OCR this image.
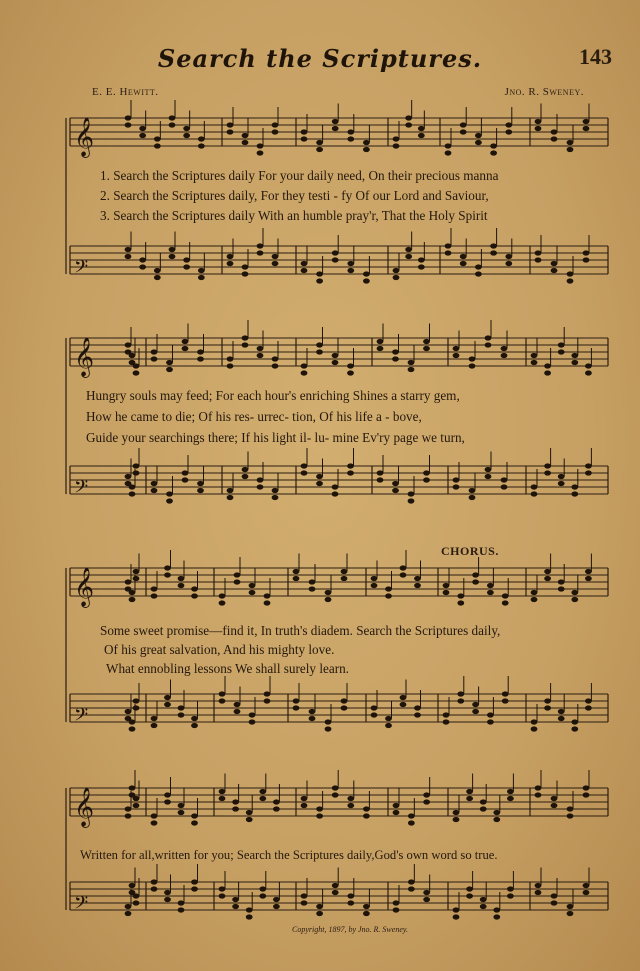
𝄞
𝄢
𝄞
𝄢
𝄞
𝄢
𝄞
𝄢
Search the Scriptures.	143
E. E. Hewitt.	Jno. R. Sweney.
1. Search the Scriptures daily For your daily need, On their precious manna
2. Search the Scriptures daily, For they testi - fy Of our Lord and Saviour,
3. Search the Scriptures daily With an humble pray'r, That the Holy Spirit
Hungry souls may feed; For each hour's enriching Shines a starry gem,
How he came to die; Of his res- urrec- tion, Of his life a - bove,
Guide your searchings there; If his light il- lu- mine Ev'ry page we turn,
CHORUS.
Some sweet promise—find it, In truth's diadem. Search the Scriptures daily,
Of his great salvation, And his mighty love.
What ennobling lessons We shall surely learn.
Written for all,written for you; Search the Scriptures daily,God's own word so true.
Copyright, 1897, by Jno. R. Sweney.
